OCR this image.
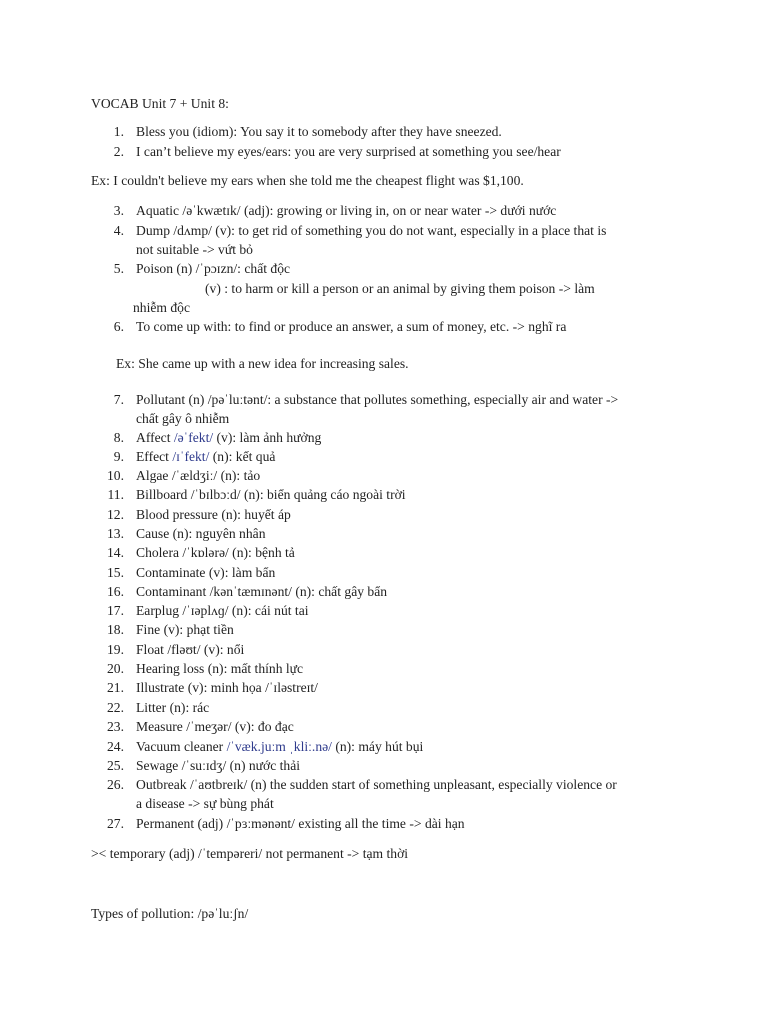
VOCAB Unit 7 + Unit 8:
1. Bless you (idiom): You say it to somebody after they have sneezed.
2. I can’t believe my eyes/ears: you are very surprised at something you see/hear
Ex: I couldn't believe my ears when she told me the cheapest flight was $1,100.
3. Aquatic /əˈkwætɪk/ (adj): growing or living in, on or near water -> dưới nước
4. Dump /dʌmp/ (v): to get rid of something you do not want, especially in a place that is
not suitable -> vứt bỏ
5. Poison (n) /ˈpɔɪzn/: chất độc
(v) : to harm or kill a person or an animal by giving them poison -> làm
nhiễm độc
6. To come up with: to find or produce an answer, a sum of money, etc. -> nghĩ ra
Ex: She came up with a new idea for increasing sales.
7. Pollutant (n) /pəˈluːtənt/: a substance that pollutes something, especially air and water ->
chất gây ô nhiễm
8. Affect /əˈfekt/ (v): làm ảnh hưởng
9. Effect /ɪˈfekt/ (n): kết quả
10. Algae /ˈældʒiː/ (n): tảo
11. Billboard /ˈbɪlbɔːd/ (n): biển quảng cáo ngoài trời
12. Blood pressure (n): huyết áp
13. Cause (n): nguyên nhân
14. Cholera /ˈkɒlərə/ (n): bệnh tả
15. Contaminate (v): làm bẩn
16. Contaminant /kənˈtæmɪnənt/ (n): chất gây bẩn
17. Earplug /ˈɪəplʌɡ/ (n): cái nút tai
18. Fine (v): phạt tiền
19. Float /fləʊt/ (v): nổi
20. Hearing loss (n): mất thính lực
21. Illustrate (v): minh họa /ˈɪləstreɪt/
22. Litter (n): rác
23. Measure /ˈmeʒər/ (v): đo đạc
24. Vacuum cleaner /ˈvæk.juːm ˌkliː.nə/ (n): máy hút bụi
25. Sewage /ˈsuːɪdʒ/ (n) nước thải
26. Outbreak /ˈaʊtbreɪk/ (n) the sudden start of something unpleasant, especially violence or
a disease -> sự bùng phát
27. Permanent (adj) /ˈpɜːmənənt/ existing all the time -> dài hạn
>< temporary (adj) /ˈtempəreri/ not permanent -> tạm thời
Types of pollution: /pəˈluːʃn/
